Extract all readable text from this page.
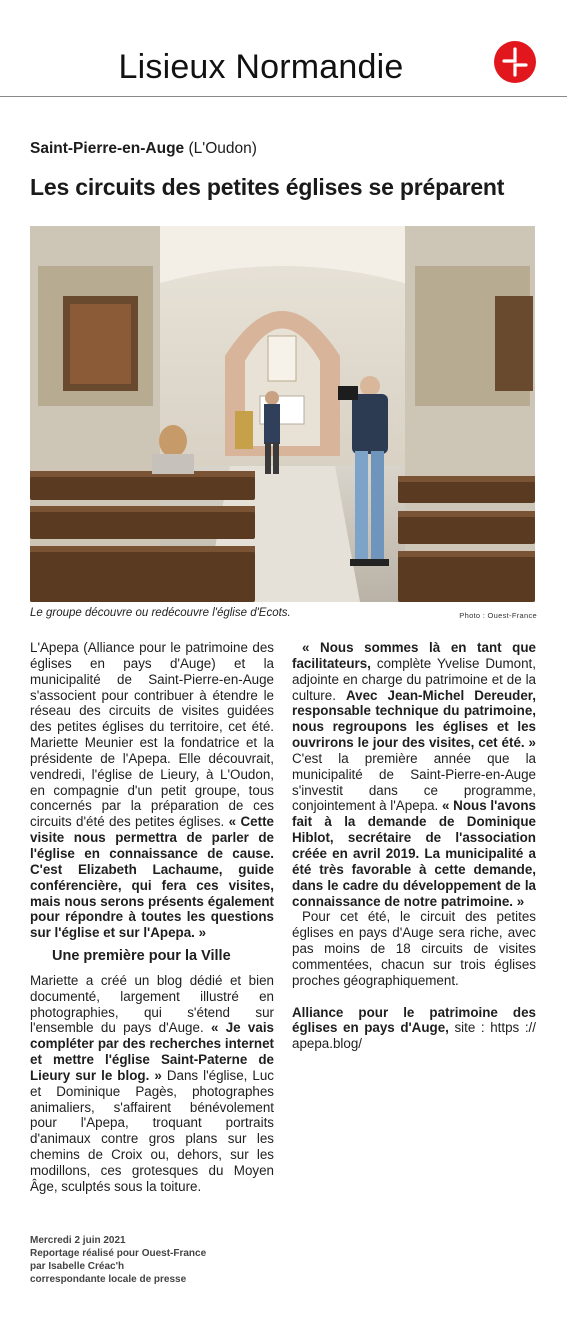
Lisieux Normandie
Saint-Pierre-en-Auge (L'Oudon)
Les circuits des petites églises se préparent
Le groupe découvre ou redécouvre l'église d'Ecots.	Photo : Ouest-France

L'Apepa (Alliance pour le patrimoine des églises en pays d'Auge) et la municipalité de Saint-Pierre-en-Auge s'associent pour contribuer à étendre le réseau des circuits de visites guidées des petites églises du territoire, cet été. Mariette Meunier est la fondatrice et la présidente de l'Apepa. Elle découvrait, vendredi, l'église de Lieury, à L'Oudon, en compagnie d'un petit groupe, tous concernés par la préparation de ces circuits d'été des petites églises. « Cette visite nous permettra de parler de l'église en connaissance de cause. C'est Elizabeth Lachaume, guide conférencière, qui fera ces visites, mais nous serons présents également pour répondre à toutes les questions sur l'église et sur l'Apepa. »

Une première pour la Ville

Mariette a créé un blog dédié et bien documenté, largement illustré en photographies, qui s'étend sur l'ensemble du pays d'Auge. « Je vais compléter par des recherches internet et mettre l'église Saint-Paterne de Lieury sur le blog. » Dans l'église, Luc et Dominique Pagès, photographes animaliers, s'affairent bénévolement pour l'Apepa, troquant portraits d'animaux contre gros plans sur les chemins de Croix ou, dehors, sur les modillons, ces grotesques du Moyen Âge, sculptés sous la toiture.

« Nous sommes là en tant que facilitateurs, complète Yvelise Dumont, adjointe en charge du patrimoine et de la culture. Avec Jean-Michel Dereuder, responsable technique du patrimoine, nous regroupons les églises et les ouvrirons le jour des visites, cet été. » C'est la première année que la municipalité de Saint-Pierre-en-Auge s'investit dans ce programme, conjointement à l'Apepa. « Nous l'avons fait à la demande de Dominique Hiblot, secrétaire de l'association créée en avril 2019. La municipalité a été très favorable à cette demande, dans le cadre du développement de la connaissance de notre patrimoine. »

Pour cet été, le circuit des petites églises en pays d'Auge sera riche, avec pas moins de 18 circuits de visites commentées, chacun sur trois églises proches géographiquement.

Alliance pour le patrimoine des églises en pays d'Auge, site : https :// apepa.blog/

Mercredi 2 juin 2021
Reportage réalisé pour Ouest-France
par Isabelle Créac'h
correspondante locale de presse
